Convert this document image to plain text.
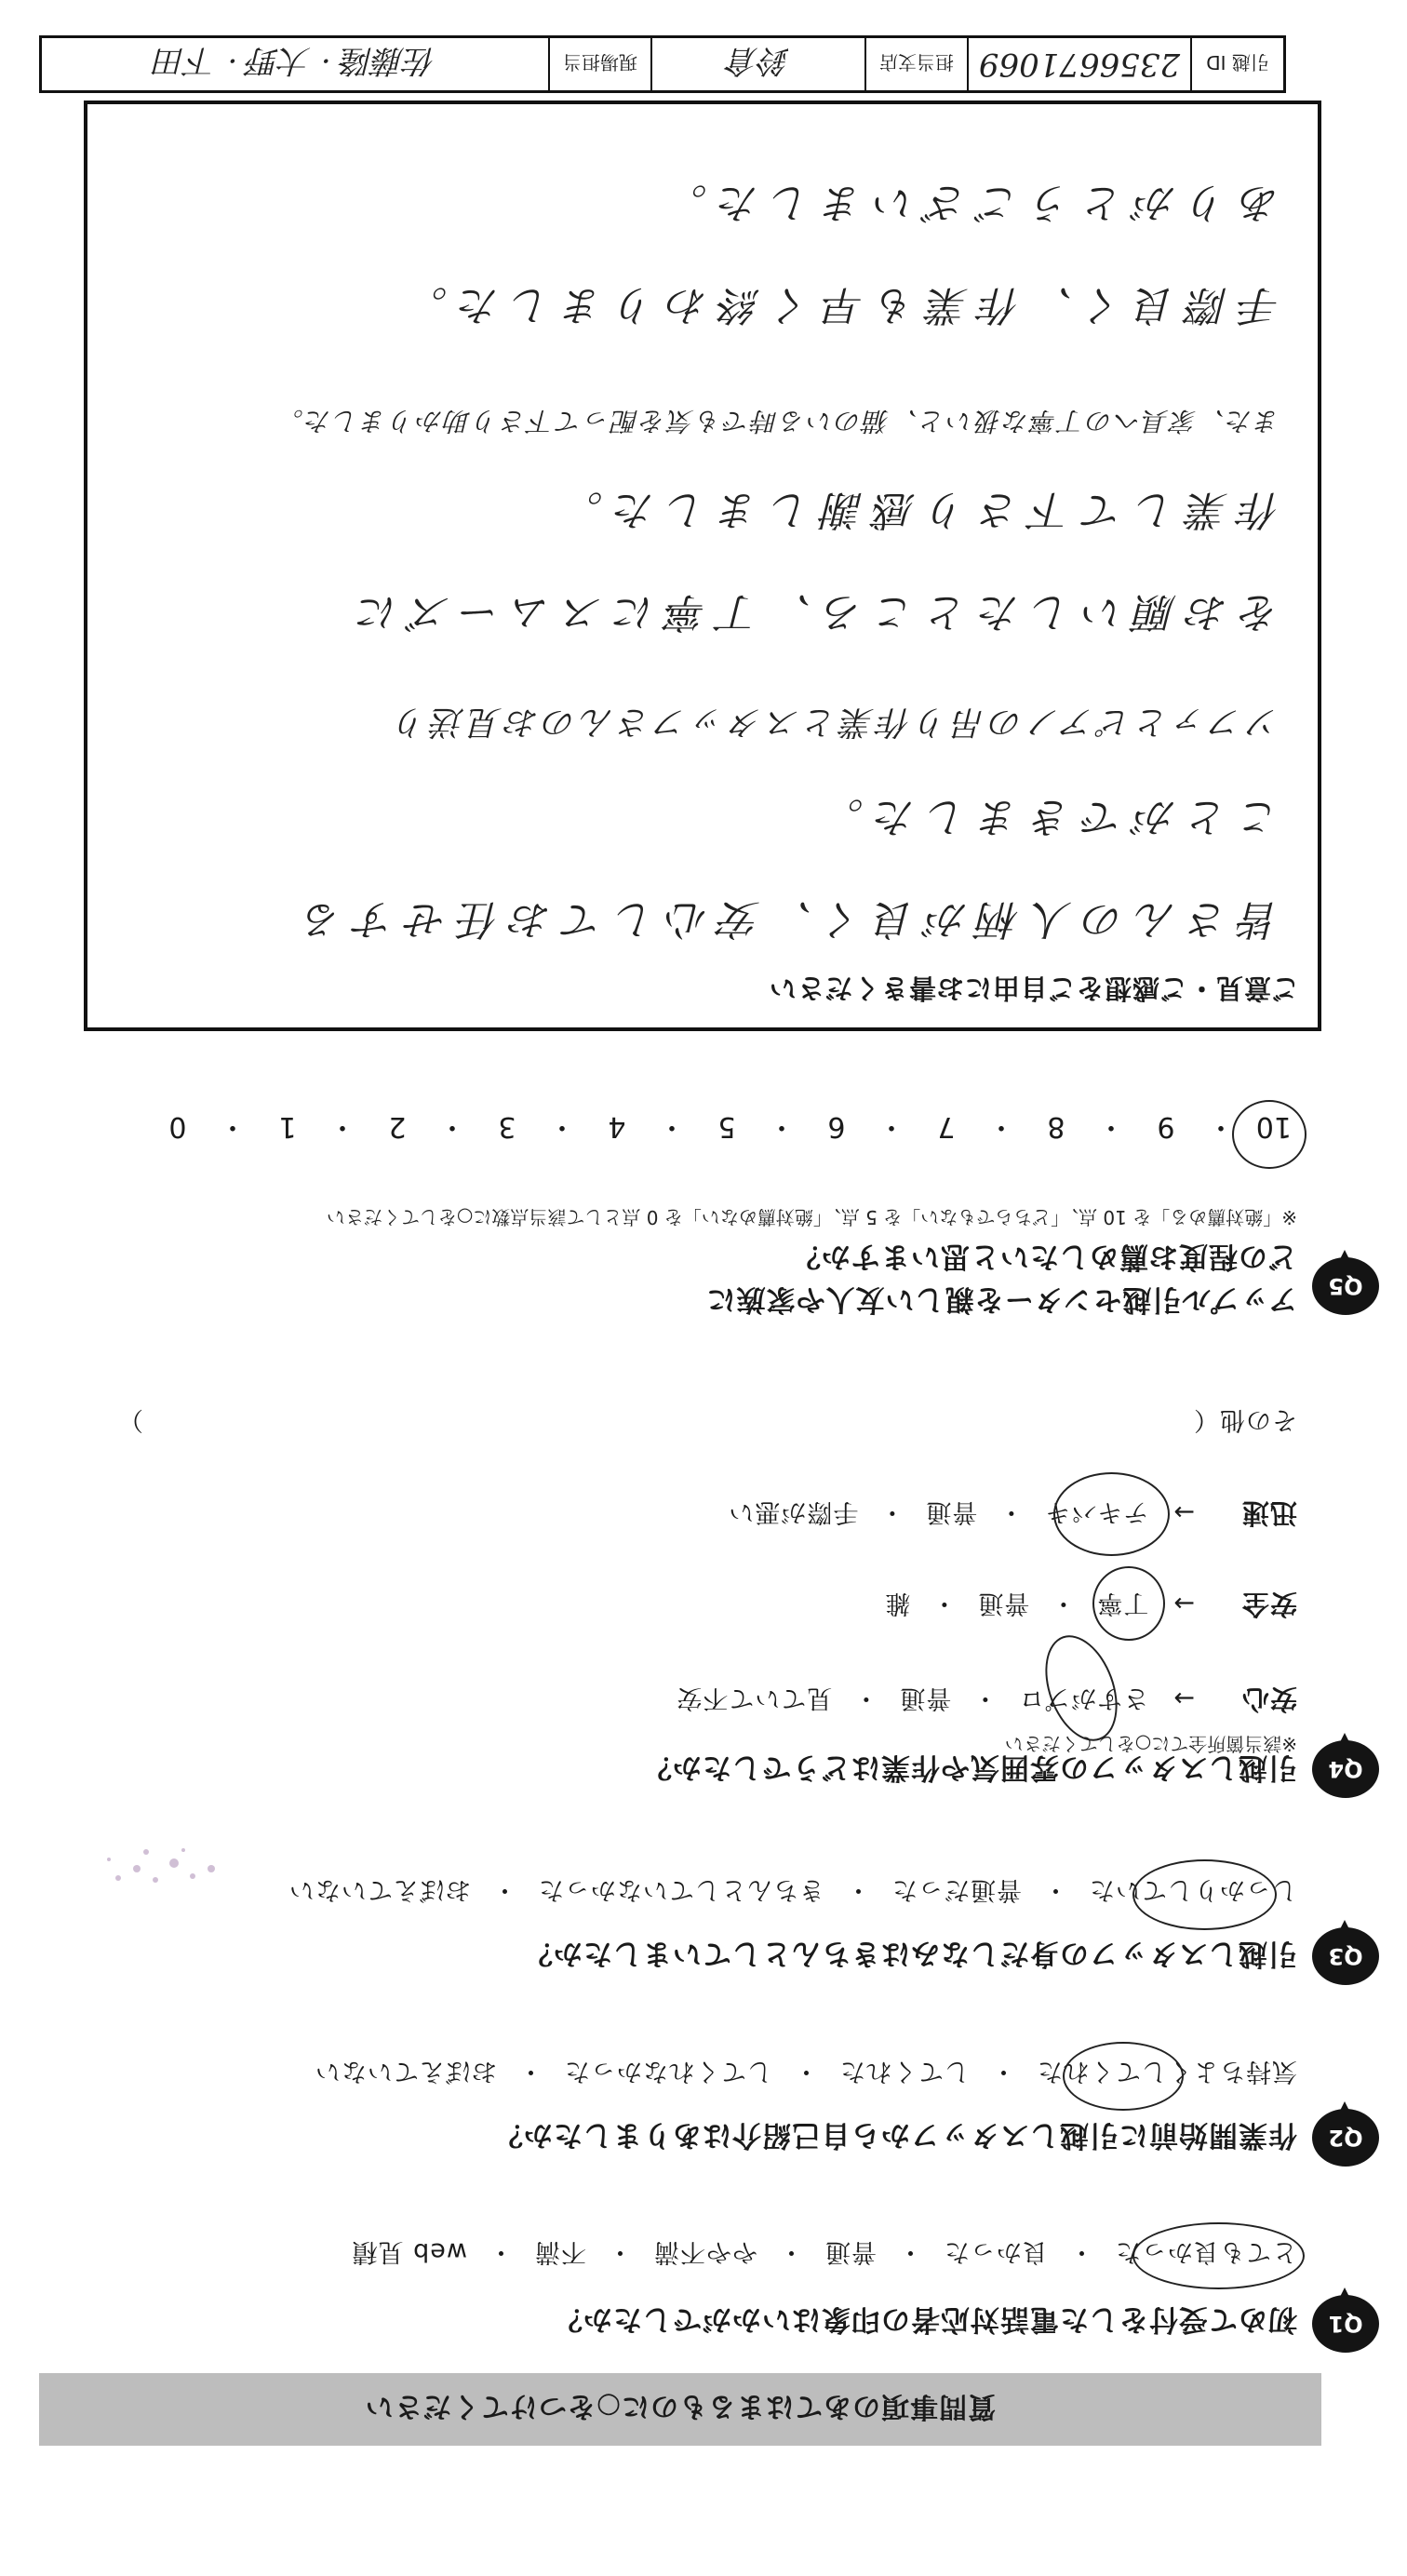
質問事項のあてはまるものに○をつけてください
Q1
初めて受付をした電話対応者の印象はいかがでしたか？
とても良かった・良かった・普通・やや不満・不満・web 見積
Q2
作業開始前に引越しスタッフから自己紹介はありましたか？
気持ちよくしてくれた・してくれた・してくれなかった・おぼえていない
Q3
引越しスタッフの身だしなみはきちんとしていましたか？
しっかりしていた・普通だった・きちんとしていなかった・おぼえていない
Q4
引越しスタッフの雰囲気や作業はどうでしたか？
※該当箇所全てに○をしてください
安心→さすがプロ・普通・見ていて不安
安全→丁寧・普通・雑
迅速→テキパキ・普通・手際が悪い
その他（
）
Q5
アップル引越センターを親しい友人や家族に
どの程度お薦めしたいと思いますか？
※「絶対薦める」を 10 点、「どちらでもない」を 5 点、「絶対薦めない」を 0 点として該当点数に○をしてください
10・9・8・7・6・5・4・3・2・1・0
ご意見・ご感想をご自由にお書きください
皆さんの人柄が良く、安心してお任せする
ことができました。
ソファとピアノの吊り作業とスタッフさんのお見送り
をお願いしたところ、丁寧にスムーズに
作業して下さり感謝しました。
また、家具への丁寧な扱いと、猫のいる時でも気を配って下さり助かりました。
手際良く、作業も早く終わりました。
ありがとうございました。
引越 ID
2356671069
担当支店
鈴倉
現場担当
佐藤隆 · 大野 · 下田
